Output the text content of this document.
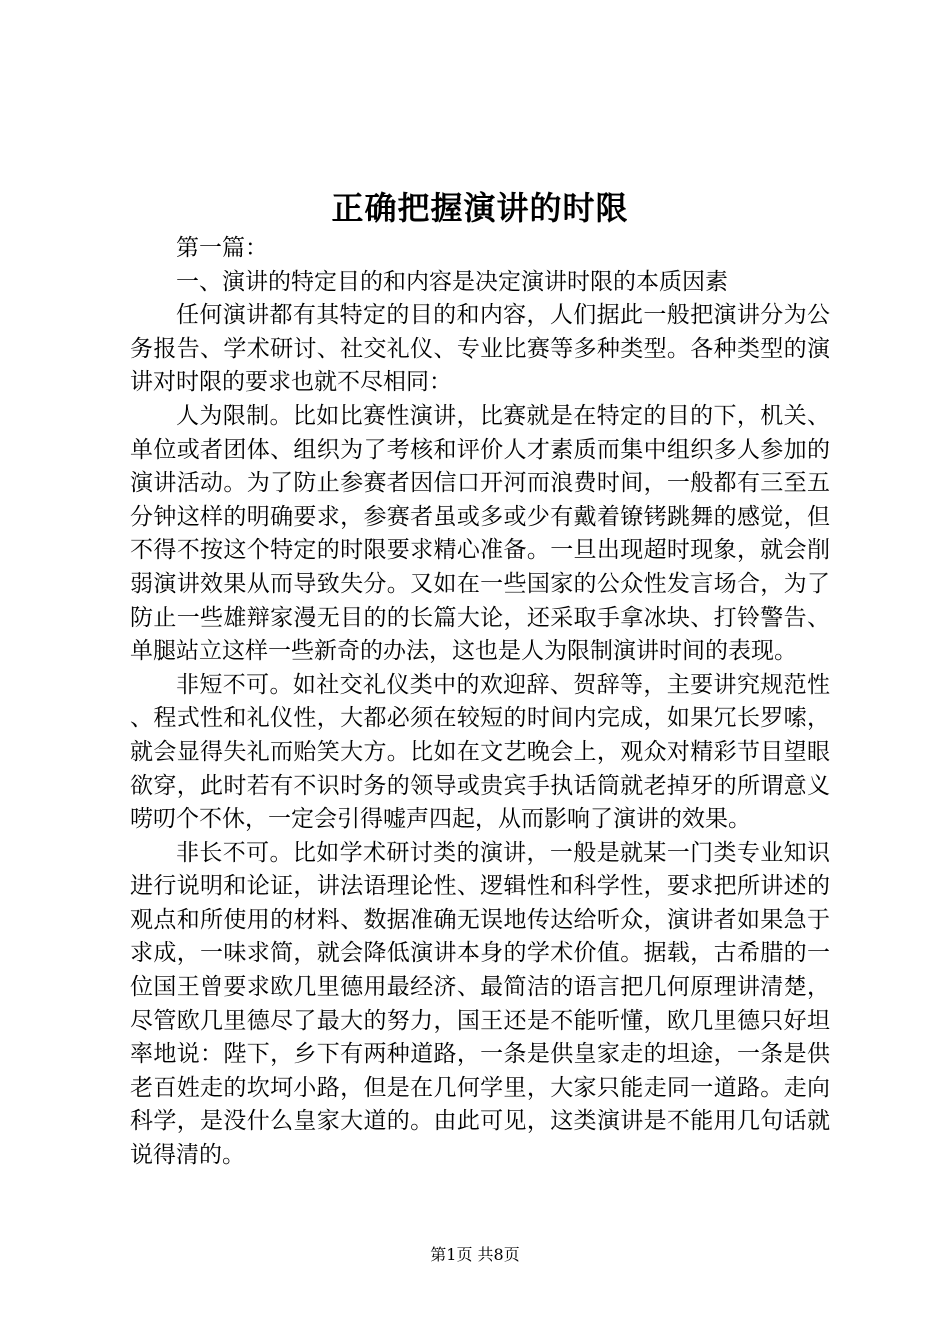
正确把握演讲的时限

第一篇：

一、演讲的特定目的和内容是决定演讲时限的本质因素

任何演讲都有其特定的目的和内容，人们据此一般把演讲分为公务报告、学术研讨、社交礼仪、专业比赛等多种类型。各种类型的演讲对时限的要求也就不尽相同：

人为限制。比如比赛性演讲，比赛就是在特定的目的下，机关、单位或者团体、组织为了考核和评价人才素质而集中组织多人参加的演讲活动。为了防止参赛者因信口开河而浪费时间，一般都有三至五分钟这样的明确要求，参赛者虽或多或少有戴着镣铐跳舞的感觉，但不得不按这个特定的时限要求精心准备。一旦出现超时现象，就会削弱演讲效果从而导致失分。又如在一些国家的公众性发言场合，为了防止一些雄辩家漫无目的的长篇大论，还采取手拿冰块、打铃警告、单腿站立这样一些新奇的办法，这也是人为限制演讲时间的表现。

非短不可。如社交礼仪类中的欢迎辞、贺辞等，主要讲究规范性、程式性和礼仪性，大都必须在较短的时间内完成，如果冗长罗嗦，就会显得失礼而贻笑大方。比如在文艺晚会上，观众对精彩节目望眼欲穿，此时若有不识时务的领导或贵宾手执话筒就老掉牙的所谓意义唠叨个不休，一定会引得嘘声四起，从而影响了演讲的效果。

非长不可。比如学术研讨类的演讲，一般是就某一门类专业知识进行说明和论证，讲法语理论性、逻辑性和科学性，要求把所讲述的观点和所使用的材料、数据准确无误地传达给听众，演讲者如果急于求成，一味求简，就会降低演讲本身的学术价值。据载，古希腊的一位国王曾要求欧几里德用最经济、最简洁的语言把几何原理讲清楚，尽管欧几里德尽了最大的努力，国王还是不能听懂，欧几里德只好坦率地说：陛下，乡下有两种道路，一条是供皇家走的坦途，一条是供老百姓走的坎坷小路，但是在几何学里，大家只能走同一道路。走向科学，是没什么皇家大道的。由此可见，这类演讲是不能用几句话就说得清的。

第1页 共8页
